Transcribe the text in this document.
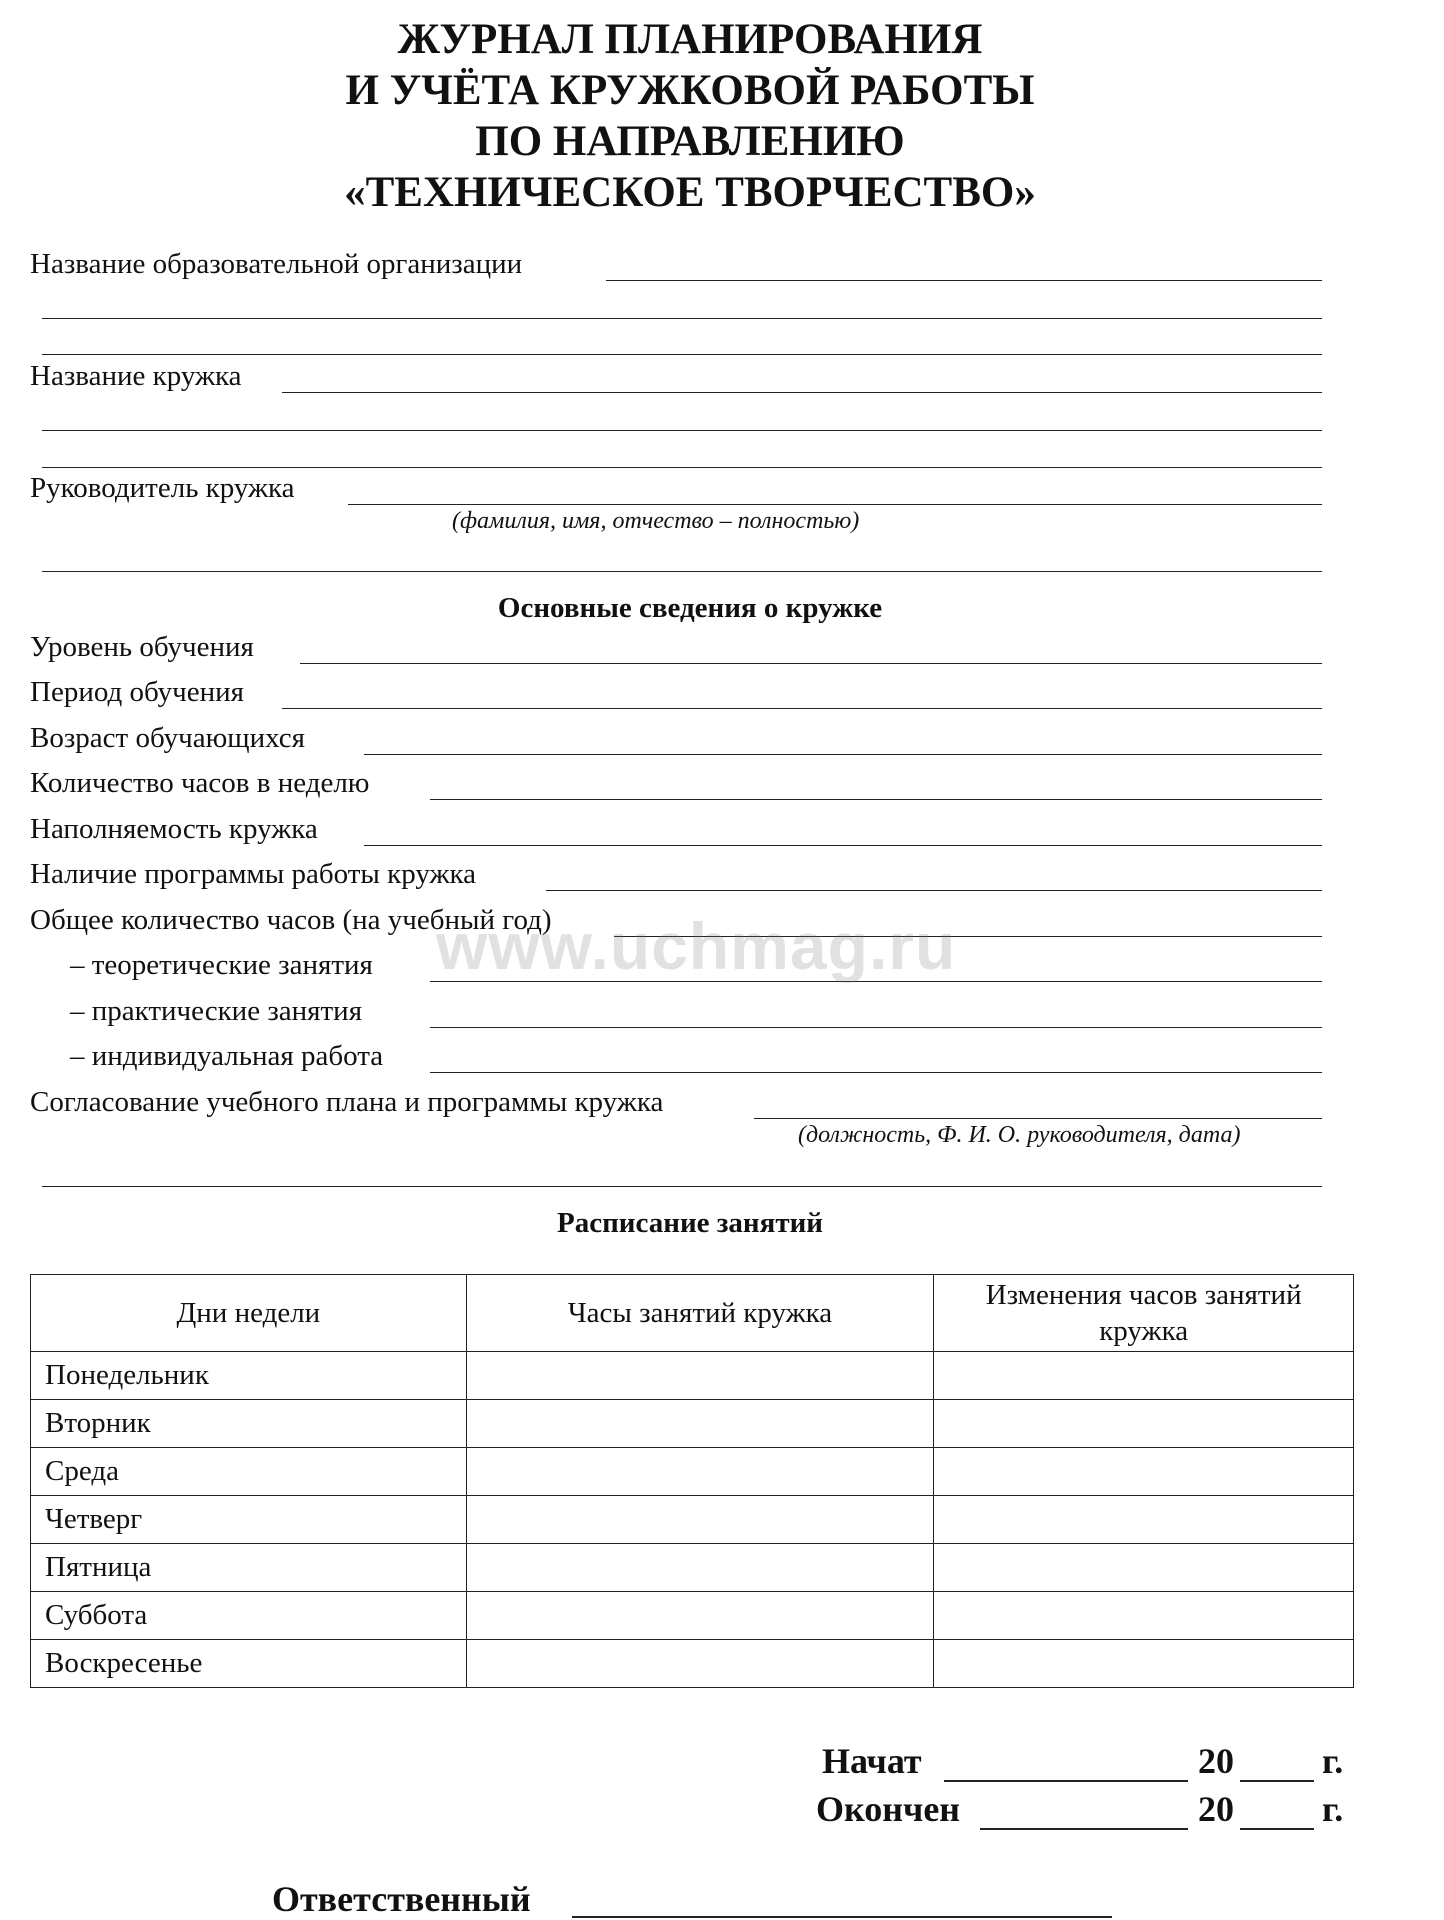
ЖУРНАЛ ПЛАНИРОВАНИЯ
И УЧЁТА КРУЖКОВОЙ РАБОТЫ
ПО НАПРАВЛЕНИЮ
«ТЕХНИЧЕСКОЕ ТВОРЧЕСТВО»
Название образовательной организации
Название кружка
Руководитель кружка
(фамилия, имя, отчество – полностью)
Основные сведения о кружке
Уровень обучения
Период обучения
Возраст обучающихся
Количество часов в неделю
Наполняемость кружка
Наличие программы работы кружка
Общее количество часов (на учебный год)
– теоретические занятия
– практические занятия
– индивидуальная работа
Согласование учебного плана и программы кружка
(должность, Ф. И. О. руководителя, дата)
www.uchmag.ru
Расписание занятий
Дни недели	Часы занятий кружка	Изменения часов занятий кружка
Понедельник		
Вторник		
Среда		
Четверг		
Пятница		
Суббота		
Воскресенье		
Начат	20 г.
Окончен	20 г.
Ответственный
